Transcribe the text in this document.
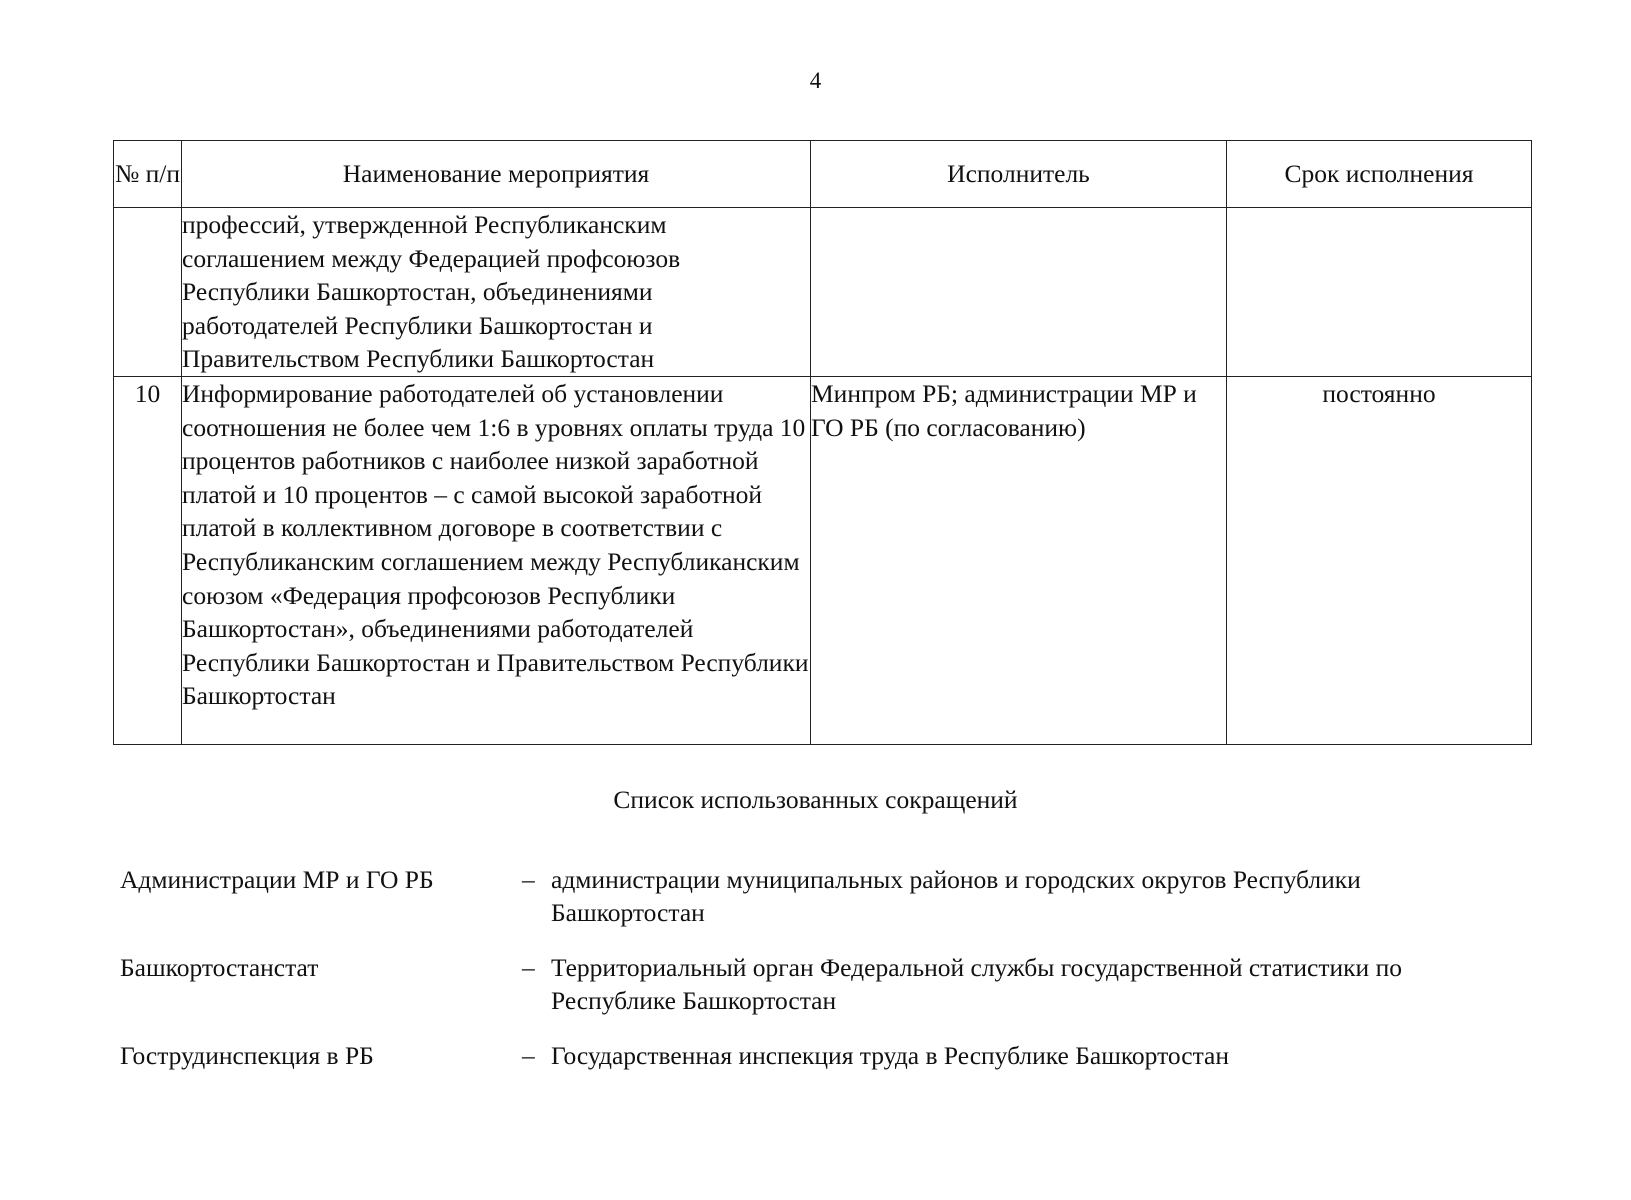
4
№ п/п	Наименование мероприятия	Исполнитель	Срок исполнения
	профессий, утвержденной Республиканским соглашением между Федерацией профсоюзов Республики Башкортостан, объединениями работодателей Республики Башкортостан и Правительством Республики Башкортостан		
10	Информирование работодателей об установлении соотношения не более чем 1:6 в уровнях оплаты труда 10 процентов работников с наиболее низкой заработной платой и 10 процентов – с самой высокой заработной платой в коллективном договоре в соответствии с Республиканским соглашением между Республиканским союзом «Федерация профсоюзов Республики Башкортостан», объединениями работодателей Республики Башкортостан и Правительством Республики Башкортостан	Минпром РБ; администрации МР и ГО РБ (по согласованию)	постоянно
Список использованных сокращений
Администрации МР и ГО РБ	– администрации муниципальных районов и городских округов Республики Башкортостан
Башкортостанстат	– Территориальный орган Федеральной службы государственной статистики по Республике Башкортостан
Гострудинспекция в РБ	– Государственная инспекция труда в Республике Башкортостан
